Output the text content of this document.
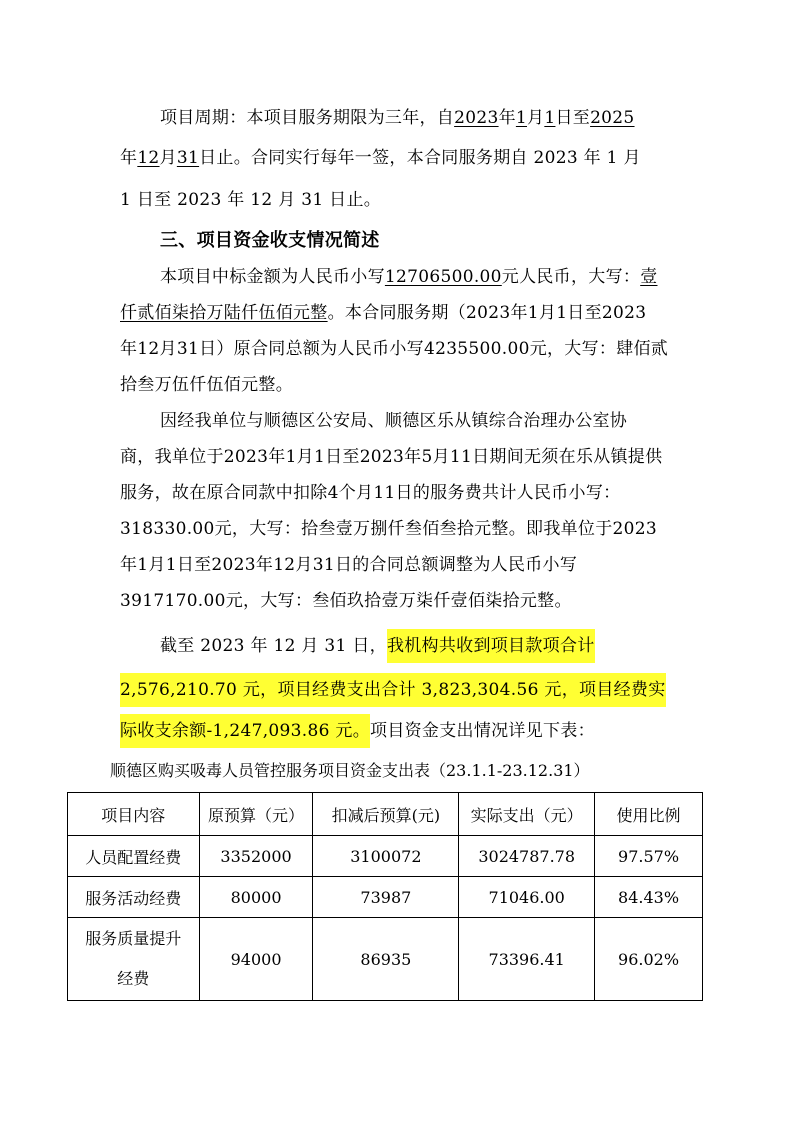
项目周期：本项目服务期限为三年，自2023年1月1日至2025
年12月31日止。合同实行每年一签，本合同服务期自 2023 年 1 月
1 日至 2023 年 12 月 31 日止。
三、项目资金收支情况简述
本项目中标金额为人民币小写12706500.00元人民币，大写：壹
仟贰佰柒拾万陆仟伍佰元整。本合同服务期（2023年1月1日至2023
年12月31日）原合同总额为人民币小写4235500.00元，大写：肆佰贰
拾叁万伍仟伍佰元整。
因经我单位与顺德区公安局、顺德区乐从镇综合治理办公室协
商，我单位于2023年1月1日至2023年5月11日期间无须在乐从镇提供
服务，故在原合同款中扣除4个月11日的服务费共计人民币小写：
318330.00元，大写：拾叁壹万捌仟叁佰叁拾元整。即我单位于2023
年1月1日至2023年12月31日的合同总额调整为人民币小写
3917170.00元，大写：叁佰玖拾壹万柒仟壹佰柒拾元整。
截至 2023 年 12 月 31 日，我机构共收到项目款项合计
2,576,210.70 元，项目经费支出合计 3,823,304.56 元，项目经费实
际收支余额-1,247,093.86 元。项目资金支出情况详见下表：
顺德区购买吸毒人员管控服务项目资金支出表（23.1.1-23.12.31）
项目内容	原预算（元）	扣减后预算(元)	实际支出（元）	使用比例
人员配置经费	3352000	3100072	3024787.78	97.57%
服务活动经费	80000	73987	71046.00	84.43%

服务质量提升
经费	94000	86935	73396.41	96.02%
